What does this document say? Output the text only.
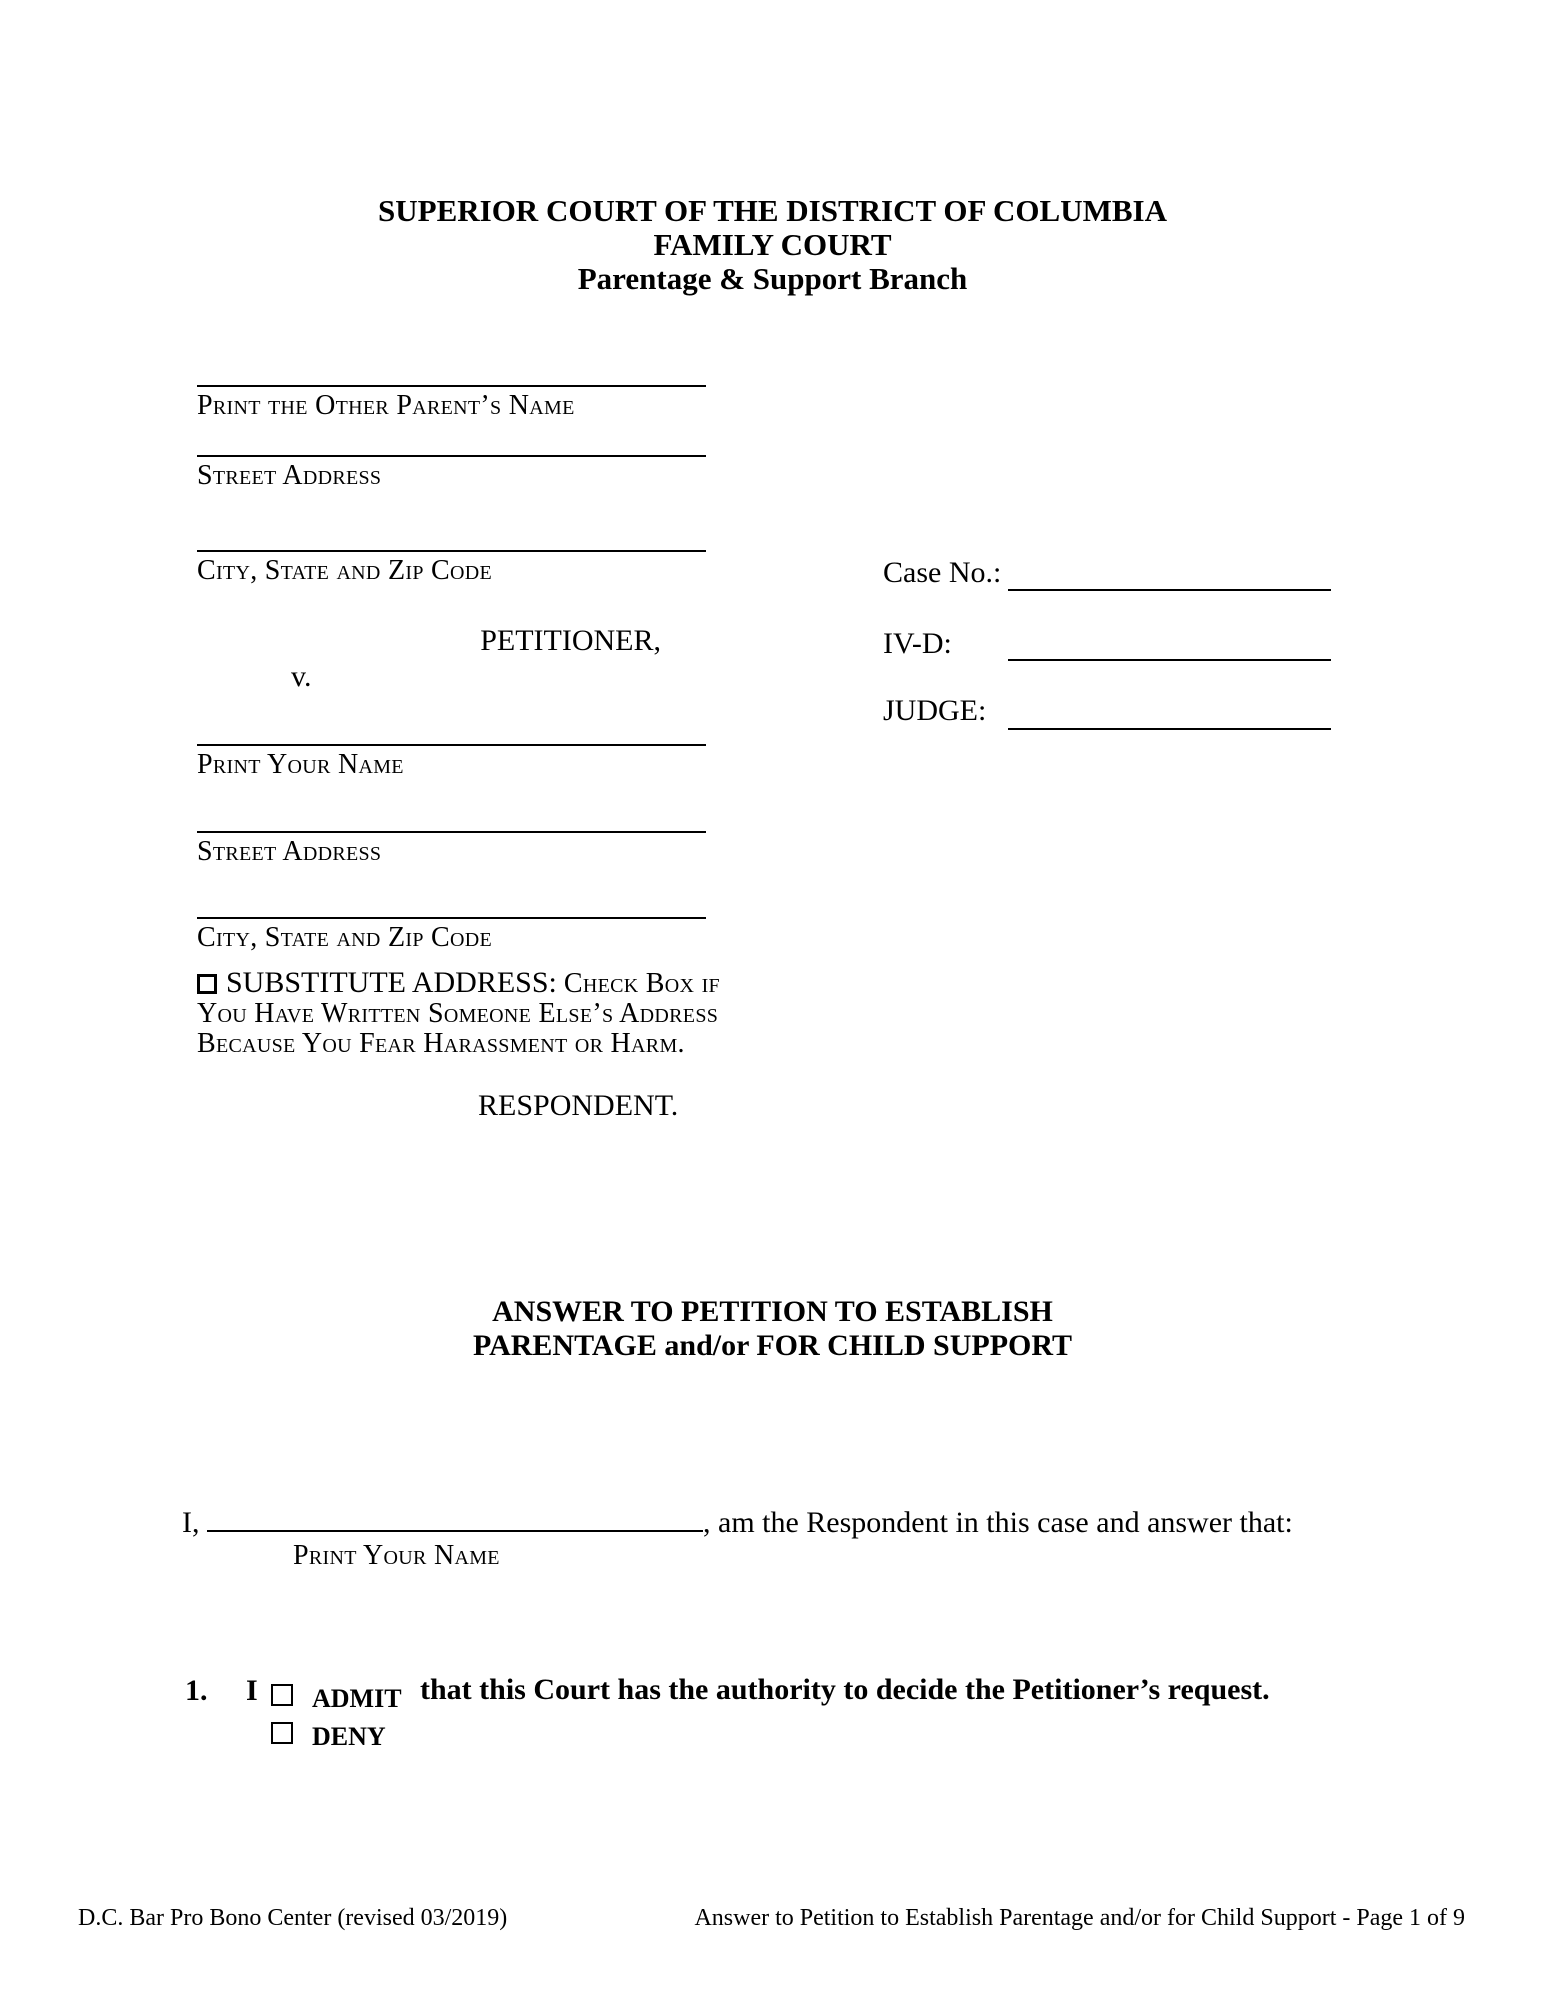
SUPERIOR COURT OF THE DISTRICT OF COLUMBIA
FAMILY COURT
Parentage & Support Branch
Print the Other Parent’s Name
Street Address
City, State and Zip Code
PETITIONER,
v.
Case No.:
IV-D:
JUDGE:
Print Your Name
Street Address
City, State and Zip Code
SUBSTITUTE ADDRESS: Check Box if You Have Written Someone Else’s Address Because You Fear Harassment or Harm.
RESPONDENT.
ANSWER TO PETITION TO ESTABLISH
PARENTAGE and/or FOR CHILD SUPPORT
I,	, am the Respondent in this case and answer that:
Print Your Name
1. I ADMIT that this Court has the authority to decide the Petitioner’s request.
DENY
D.C. Bar Pro Bono Center (revised 03/2019)	Answer to Petition to Establish Parentage and/or for Child Support - Page 1 of 9
